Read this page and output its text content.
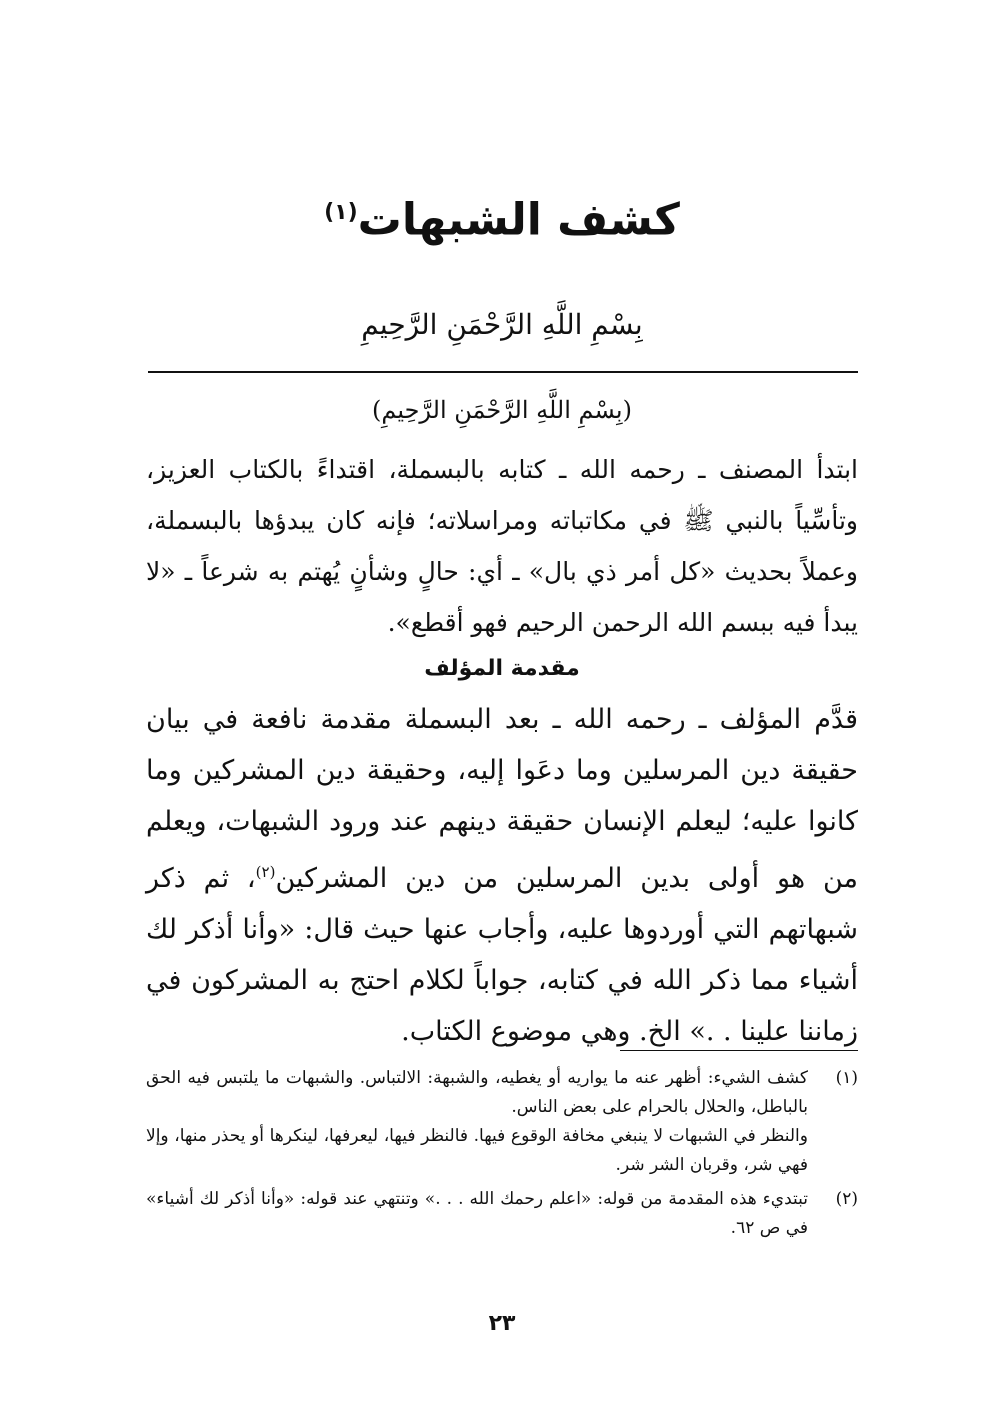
كشف الشبهات$^{(١)}$
بِسْمِ اللَّهِ الرَّحْمَنِ الرَّحِيمِ
(بِسْمِ اللَّهِ الرَّحْمَنِ الرَّحِيمِ)

ابتدأ المصنف ـ رحمه الله ـ كتابه بالبسملة، اقتداءً بالكتاب العزيز، وتأسِّياً بالنبي ﷺ في مكاتباته ومراسلاته؛ فإنه كان يبدؤها بالبسملة، وعملاً بحديث «كل أمر ذي بال» ـ أي: حالٍ وشأنٍ يُهتم به شرعاً ـ «لا يبدأ فيه ببسم الله الرحمن الرحيم فهو أقطع».

مقدمة المؤلف

قدَّم المؤلف ـ رحمه الله ـ بعد البسملة مقدمة نافعة في بيان حقيقة دين المرسلين وما دعَوا إليه، وحقيقة دين المشركين وما كانوا عليه؛ ليعلم الإنسان حقيقة دينهم عند ورود الشبهات، ويعلم من هو أولى بدين المرسلين من دين المشركين$^{(٢)}$، ثم ذكر شبهاتهم التي أوردوها عليه، وأجاب عنها حيث قال: «وأنا أذكر لك أشياء مما ذكر الله في كتابه، جواباً لكلام احتج به المشركون في زماننا علينا . .» الخ. وهي موضوع الكتاب.

(١)

كشف الشيء: أظهر عنه ما يواريه أو يغطيه، والشبهة: الالتباس. والشبهات ما يلتبس فيه الحق بالباطل، والحلال بالحرام على بعض الناس.

والنظر في الشبهات لا ينبغي مخافة الوقوع فيها. فالنظر فيها، ليعرفها، لينكرها أو يحذر منها، وإلا فهي شر، وقربان الشر شر.

(٢)

تبتديء هذه المقدمة من قوله: «اعلم رحمك الله . . .» وتنتهي عند قوله: «وأنا أذكر لك أشياء» في ص ٦٢.

٢٣
